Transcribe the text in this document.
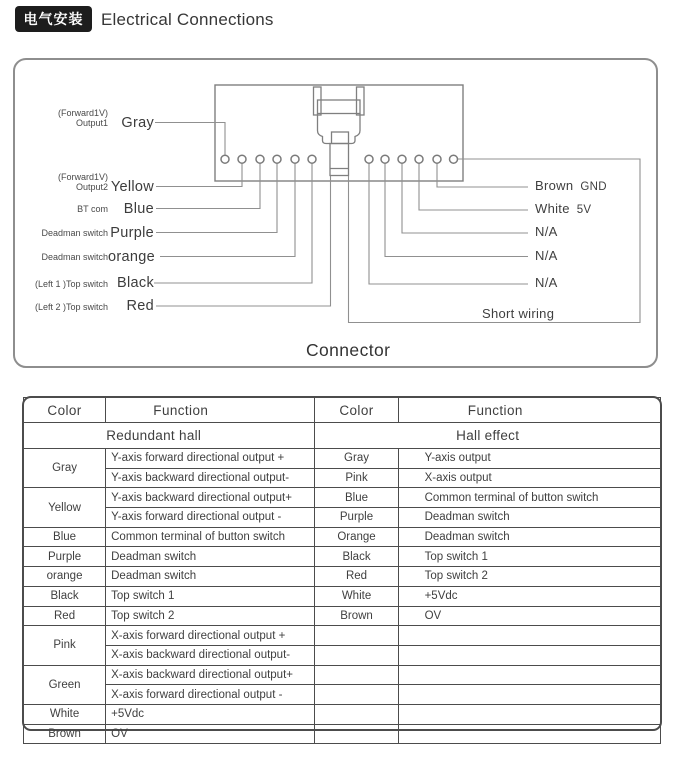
电气安装 Electrical Connections
(Forward1V)
Output1 Gray
(Forward1V)
Output2 Yellow
BT com	Blue
Deadman switch Purple
Deadman switch orange
(Left 1 )Top switch Black
(Left 2 )Top switch	Red
Brown GND
White 5V
N/A
N/A
N/A
Short wiring
Connector
Color	Function	Color	Function
Redundant hall		Hall effect	
Gray	Y-axis forward directional output +	Gray	Y-axis output
	Y-axis backward directional output-	Pink	X-axis output
Yellow	Y-axis backward directional output+	Blue	Common terminal of button switch
	Y-axis forward directional output -	Purple	Deadman switch
Blue	Common terminal of button switch	Orange	Deadman switch
Purple	Deadman switch	Black	Top switch 1
orange	Deadman switch	Red	Top switch 2
Black	Top switch 1	White	+5Vdc
Red	Top switch 2	Brown	OV
Pink	X-axis forward directional output +		
	X-axis backward directional output-		
Green	X-axis backward directional output+		
	X-axis forward directional output -		
White	+5Vdc		
Brown	OV		
